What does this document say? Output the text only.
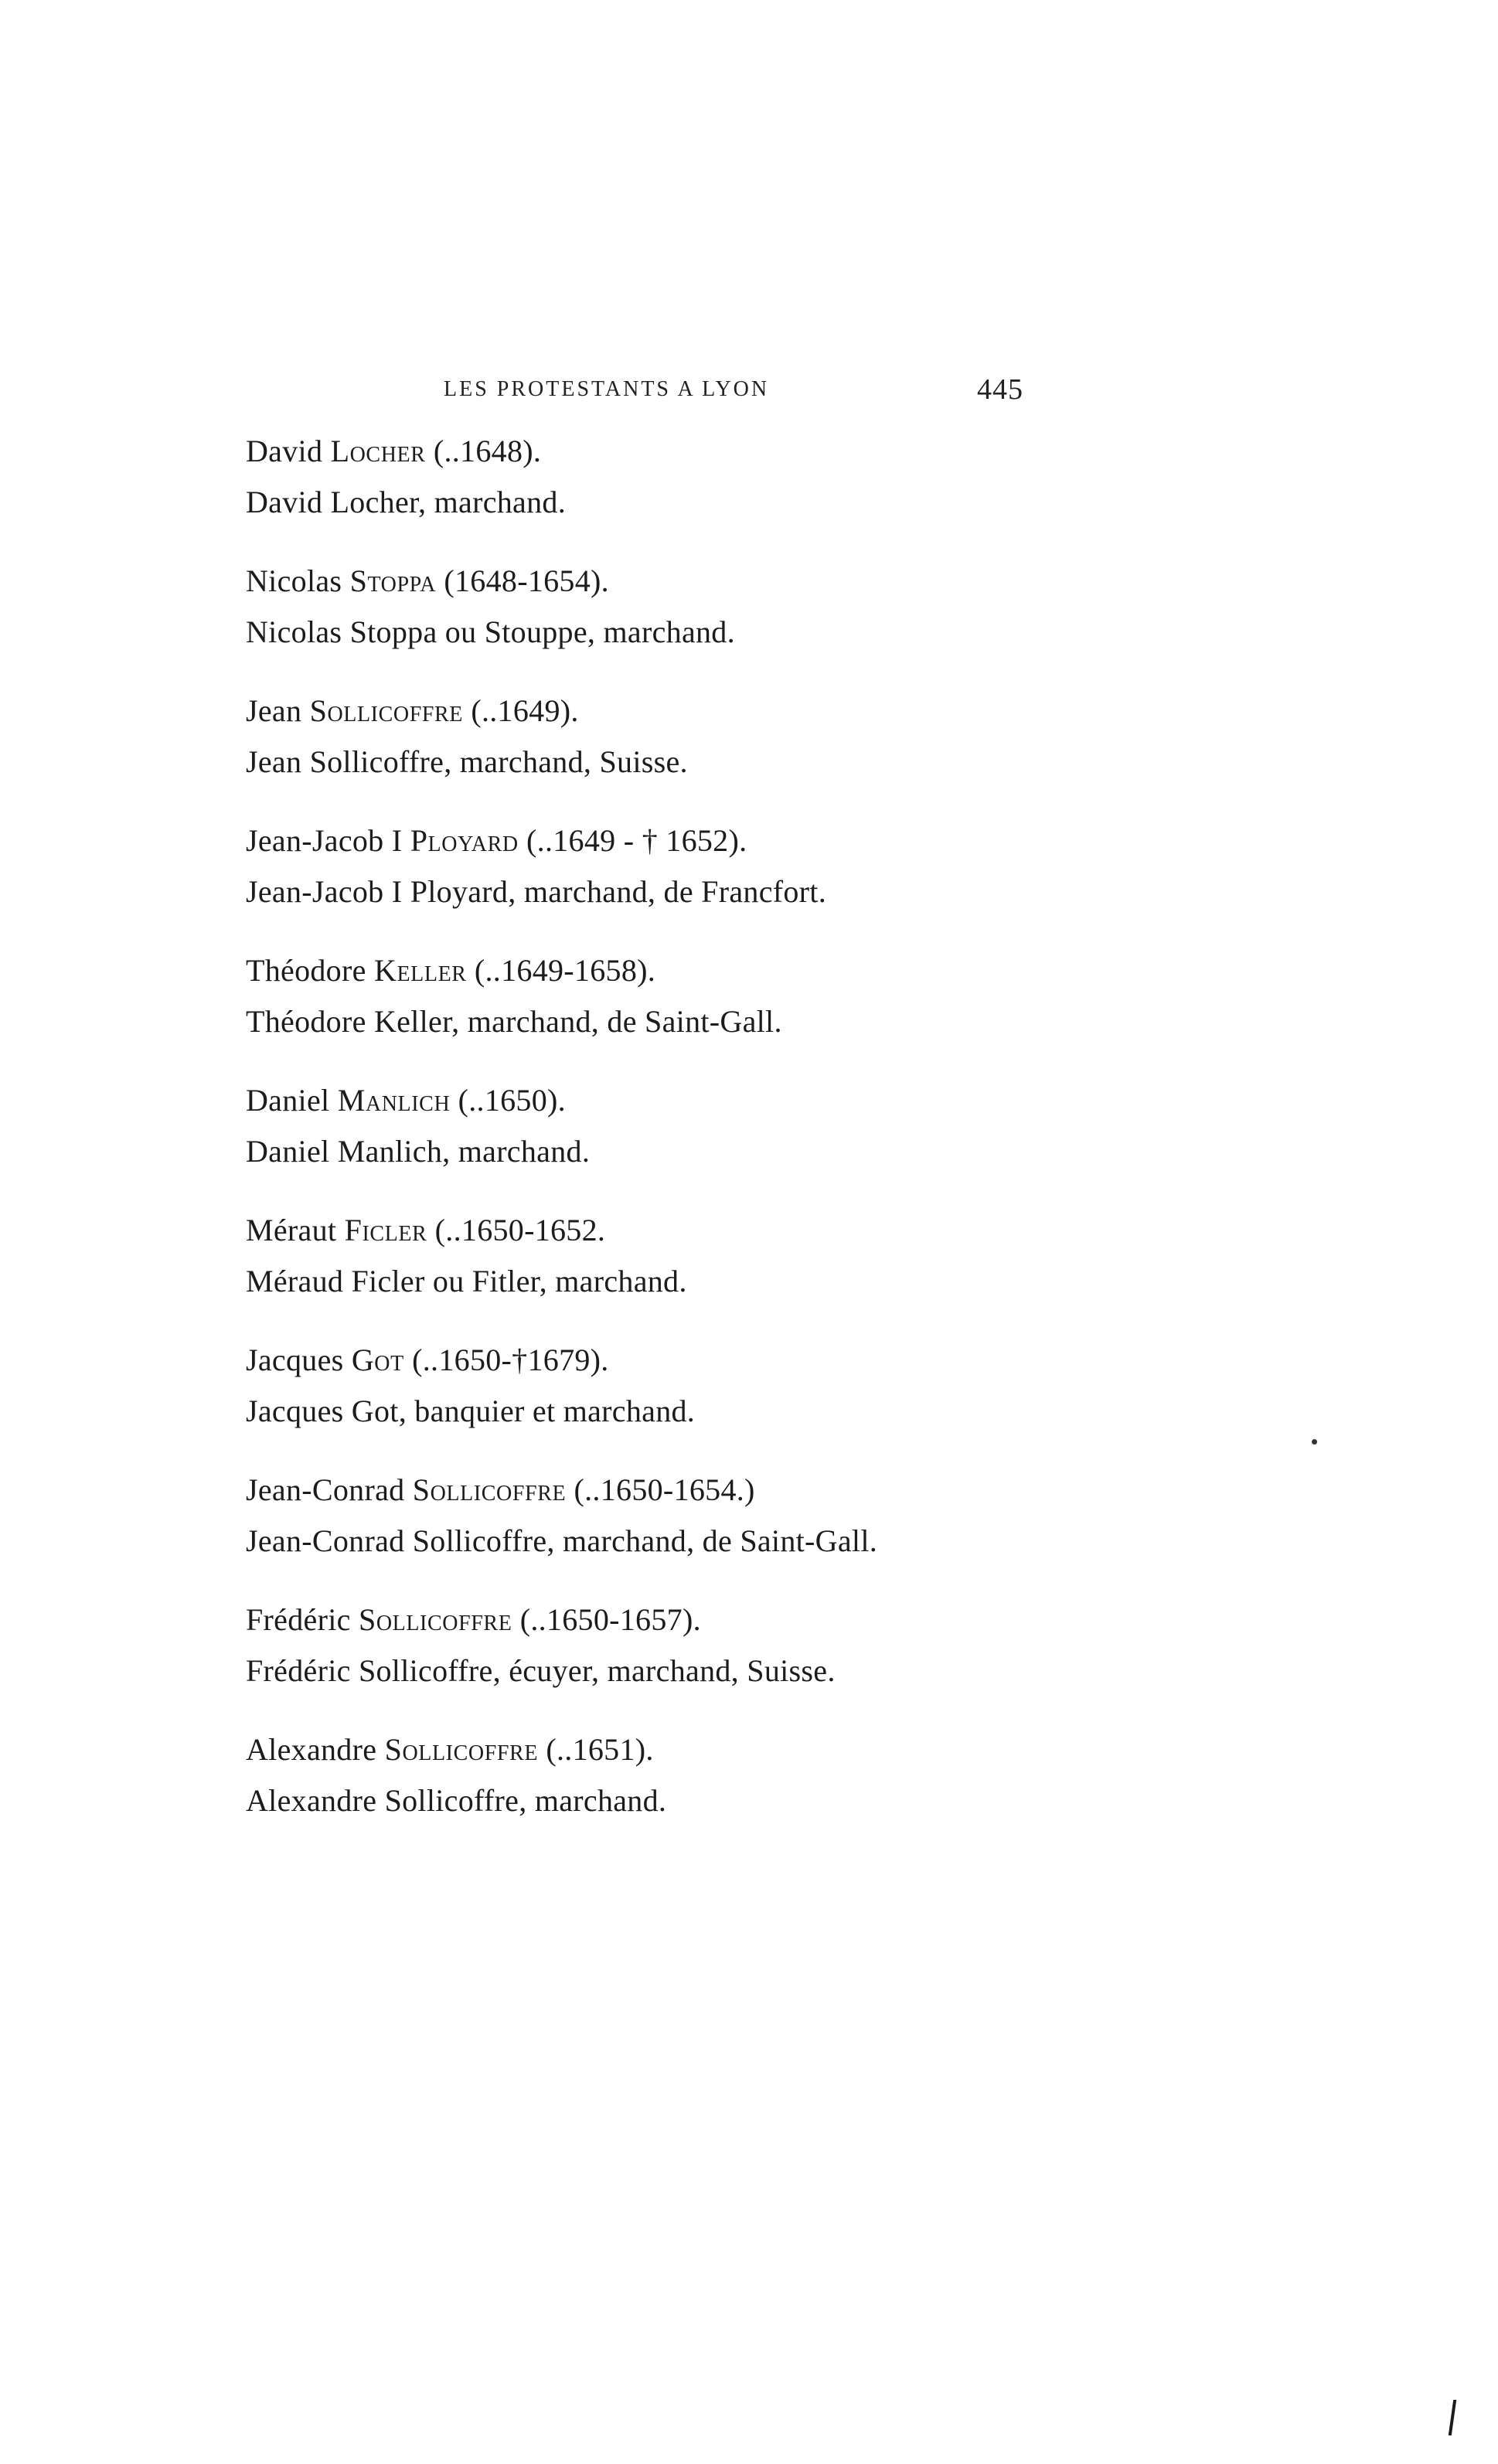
LES PROTESTANTS A LYON	445
David Locher (..1648).
David Locher, marchand.
Nicolas Stoppa (1648-1654).
Nicolas Stoppa ou Stouppe, marchand.
Jean Sollicoffre (..1649).
Jean Sollicoffre, marchand, Suisse.
Jean-Jacob I Ployard (..1649 - † 1652).
Jean-Jacob I Ployard, marchand, de Francfort.
Théodore Keller (..1649-1658).
Théodore Keller, marchand, de Saint-Gall.
Daniel Manlich (..1650).
Daniel Manlich, marchand.
Méraut Ficler (..1650-1652.
Méraud Ficler ou Fitler, marchand.
Jacques Got (..1650-†1679).
Jacques Got, banquier et marchand.
Jean-Conrad Sollicoffre (..1650-1654.)
Jean-Conrad Sollicoffre, marchand, de Saint-Gall.
Frédéric Sollicoffre (..1650-1657).
Frédéric Sollicoffre, écuyer, marchand, Suisse.
Alexandre Sollicoffre (..1651).
Alexandre Sollicoffre, marchand.
